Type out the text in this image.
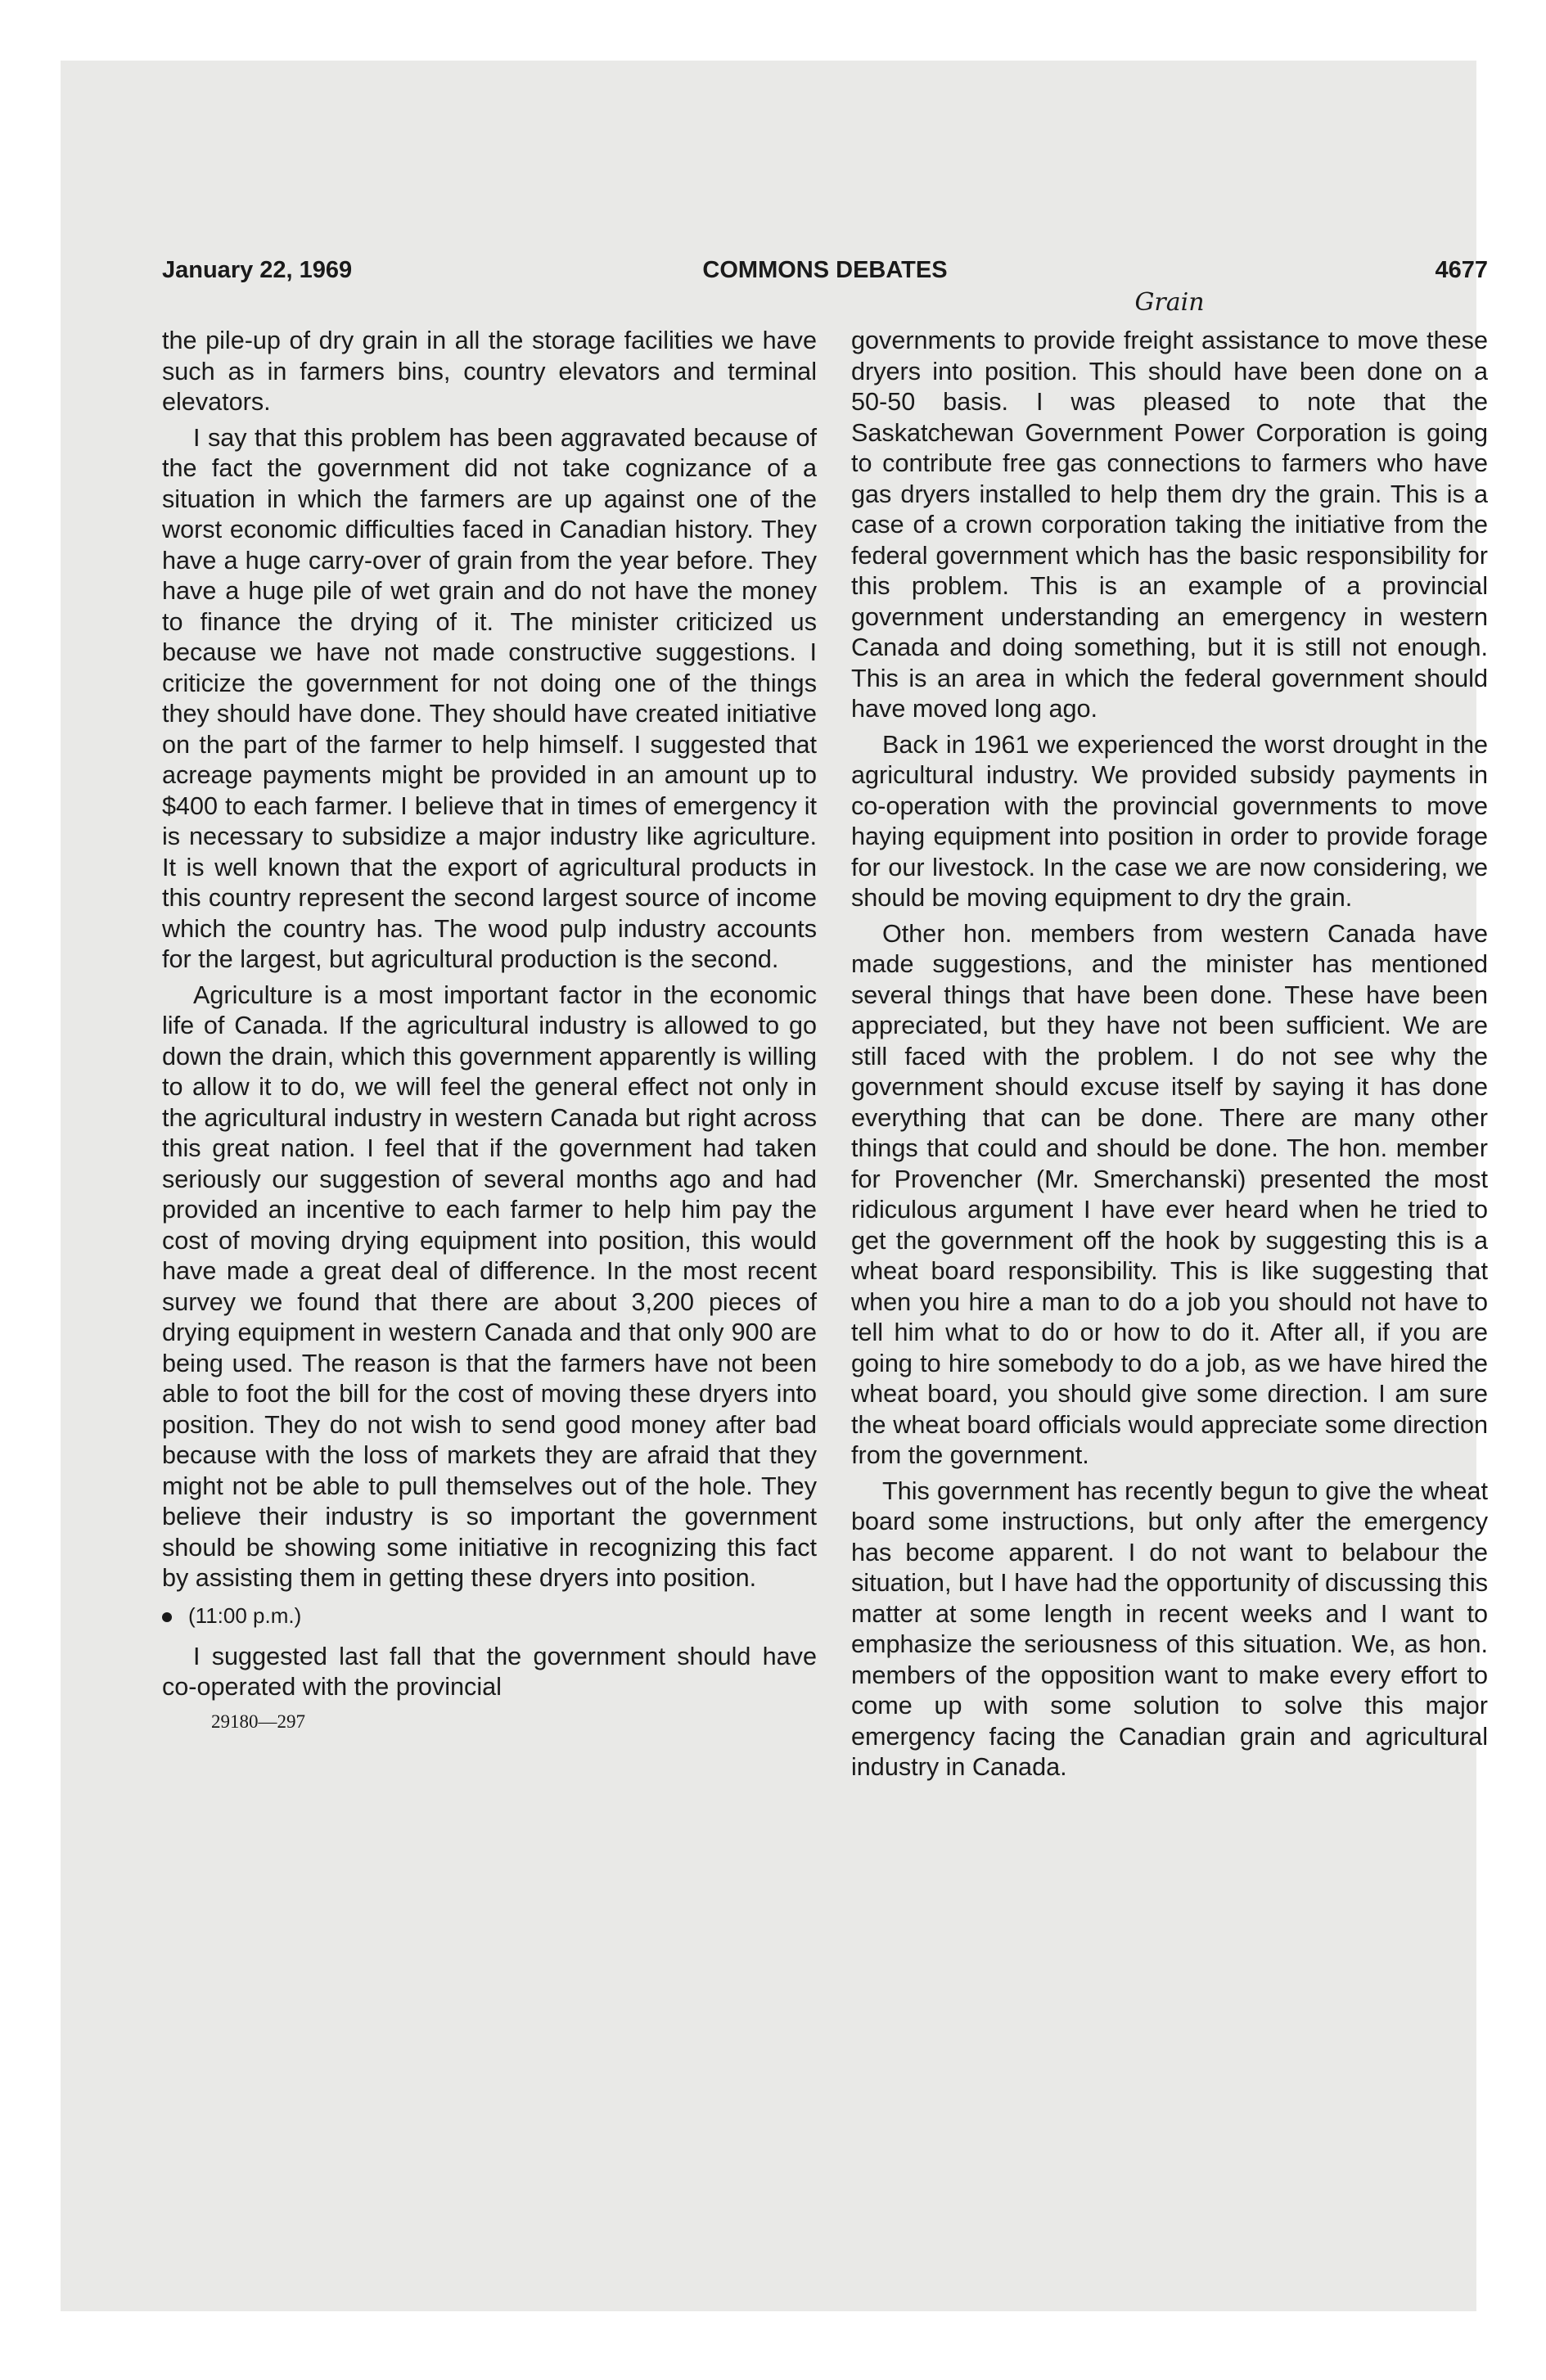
January 22, 1969	COMMONS DEBATES	4677
Grain

the pile-up of dry grain in all the storage facilities we have such as in farmers bins, country elevators and terminal elevators.

I say that this problem has been aggravated because of the fact the government did not take cognizance of a situation in which the farmers are up against one of the worst economic difficulties faced in Canadian history. They have a huge carry-over of grain from the year before. They have a huge pile of wet grain and do not have the money to finance the drying of it. The minister criticized us because we have not made constructive suggestions. I criticize the government for not doing one of the things they should have done. They should have created initiative on the part of the farmer to help himself. I suggested that acreage payments might be provided in an amount up to $400 to each farmer. I believe that in times of emergency it is necessary to subsidize a major industry like agriculture. It is well known that the export of agricultural products in this country represent the second largest source of income which the country has. The wood pulp industry accounts for the largest, but agricultural production is the second.

Agriculture is a most important factor in the economic life of Canada. If the agricultural industry is allowed to go down the drain, which this government apparently is willing to allow it to do, we will feel the general effect not only in the agricultural industry in western Canada but right across this great nation. I feel that if the government had taken seriously our suggestion of several months ago and had provided an incentive to each farmer to help him pay the cost of moving drying equipment into position, this would have made a great deal of difference. In the most recent survey we found that there are about 3,200 pieces of drying equipment in western Canada and that only 900 are being used. The reason is that the farmers have not been able to foot the bill for the cost of moving these dryers into position. They do not wish to send good money after bad because with the loss of markets they are afraid that they might not be able to pull themselves out of the hole. They believe their industry is so important the government should be showing some initiative in recognizing this fact by assisting them in getting these dryers into position.

(11:00 p.m.)

I suggested last fall that the government should have co-operated with the provincial

29180—297

governments to provide freight assistance to move these dryers into position. This should have been done on a 50-50 basis. I was pleased to note that the Saskatchewan Government Power Corporation is going to contribute free gas connections to farmers who have gas dryers installed to help them dry the grain. This is a case of a crown corporation taking the initiative from the federal government which has the basic responsibility for this problem. This is an example of a provincial government understanding an emergency in western Canada and doing something, but it is still not enough. This is an area in which the federal government should have moved long ago.

Back in 1961 we experienced the worst drought in the agricultural industry. We provided subsidy payments in co-operation with the provincial governments to move haying equipment into position in order to provide forage for our livestock. In the case we are now considering, we should be moving equipment to dry the grain.

Other hon. members from western Canada have made suggestions, and the minister has mentioned several things that have been done. These have been appreciated, but they have not been sufficient. We are still faced with the problem. I do not see why the government should excuse itself by saying it has done everything that can be done. There are many other things that could and should be done. The hon. member for Provencher (Mr. Smerchanski) presented the most ridiculous argument I have ever heard when he tried to get the government off the hook by suggesting this is a wheat board responsibility. This is like suggesting that when you hire a man to do a job you should not have to tell him what to do or how to do it. After all, if you are going to hire somebody to do a job, as we have hired the wheat board, you should give some direction. I am sure the wheat board officials would appreciate some direction from the government.

This government has recently begun to give the wheat board some instructions, but only after the emergency has become apparent. I do not want to belabour the situation, but I have had the opportunity of discussing this matter at some length in recent weeks and I want to emphasize the seriousness of this situation. We, as hon. members of the opposition want to make every effort to come up with some solution to solve this major emergency facing the Canadian grain and agricultural industry in Canada.
